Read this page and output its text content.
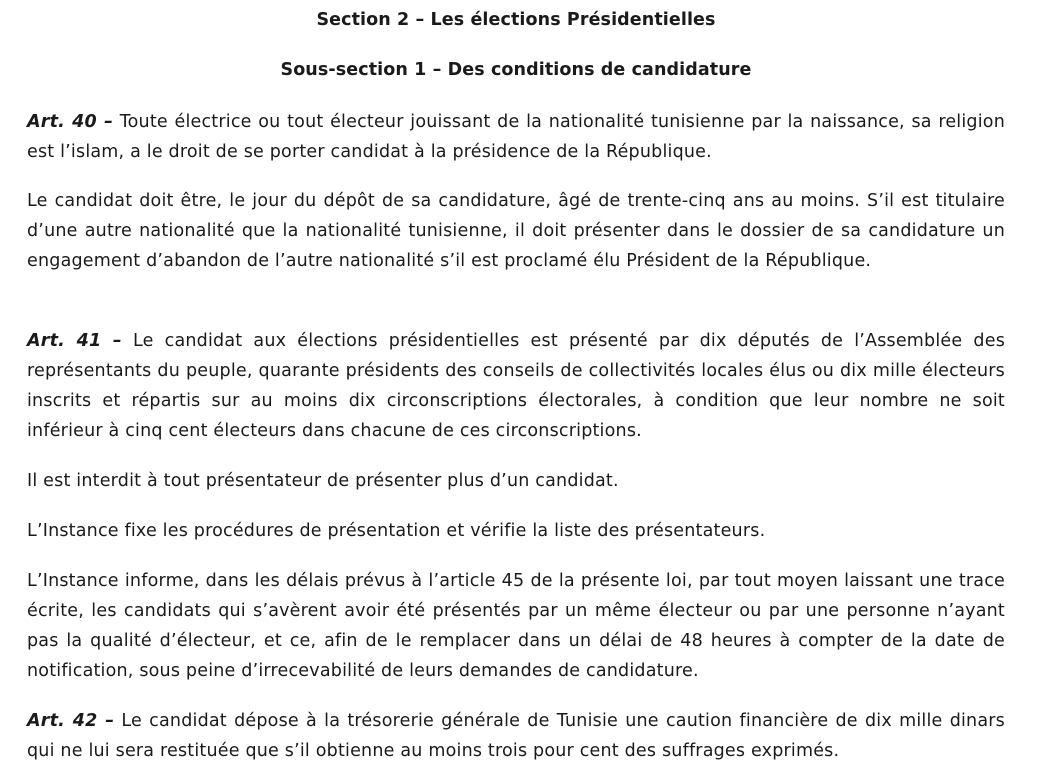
Section 2 – Les élections Présidentielles
Sous-section 1 – Des conditions de candidature

Art. 40 – Toute électrice ou tout électeur jouissant de la nationalité tunisienne par la naissance, sa religion est l’islam, a le droit de se porter candidat à la présidence de la République.

Le candidat doit être, le jour du dépôt de sa candidature, âgé de trente-cinq ans au moins. S’il est titulaire d’une autre nationalité que la nationalité tunisienne, il doit présenter dans le dossier de sa candidature un engagement d’abandon de l’autre nationalité s’il est proclamé élu Président de la République.

Art. 41 – Le candidat aux élections présidentielles est présenté par dix députés de l’Assemblée des représentants du peuple, quarante présidents des conseils de collectivités locales élus ou dix mille électeurs inscrits et répartis sur au moins dix circonscriptions électorales, à condition que leur nombre ne soit inférieur à cinq cent électeurs dans chacune de ces circonscriptions.

Il est interdit à tout présentateur de présenter plus d’un candidat.

L’Instance fixe les procédures de présentation et vérifie la liste des présentateurs.

L’Instance informe, dans les délais prévus à l’article 45 de la présente loi, par tout moyen laissant une trace écrite, les candidats qui s’avèrent avoir été présentés par un même électeur ou par une personne n’ayant pas la qualité d’électeur, et ce, afin de le remplacer dans un délai de 48 heures à compter de la date de notification, sous peine d’irrecevabilité de leurs demandes de candidature.

Art. 42 – Le candidat dépose à la trésorerie générale de Tunisie une caution financière de dix mille dinars qui ne lui sera restituée que s’il obtienne au moins trois pour cent des suffrages exprimés.
